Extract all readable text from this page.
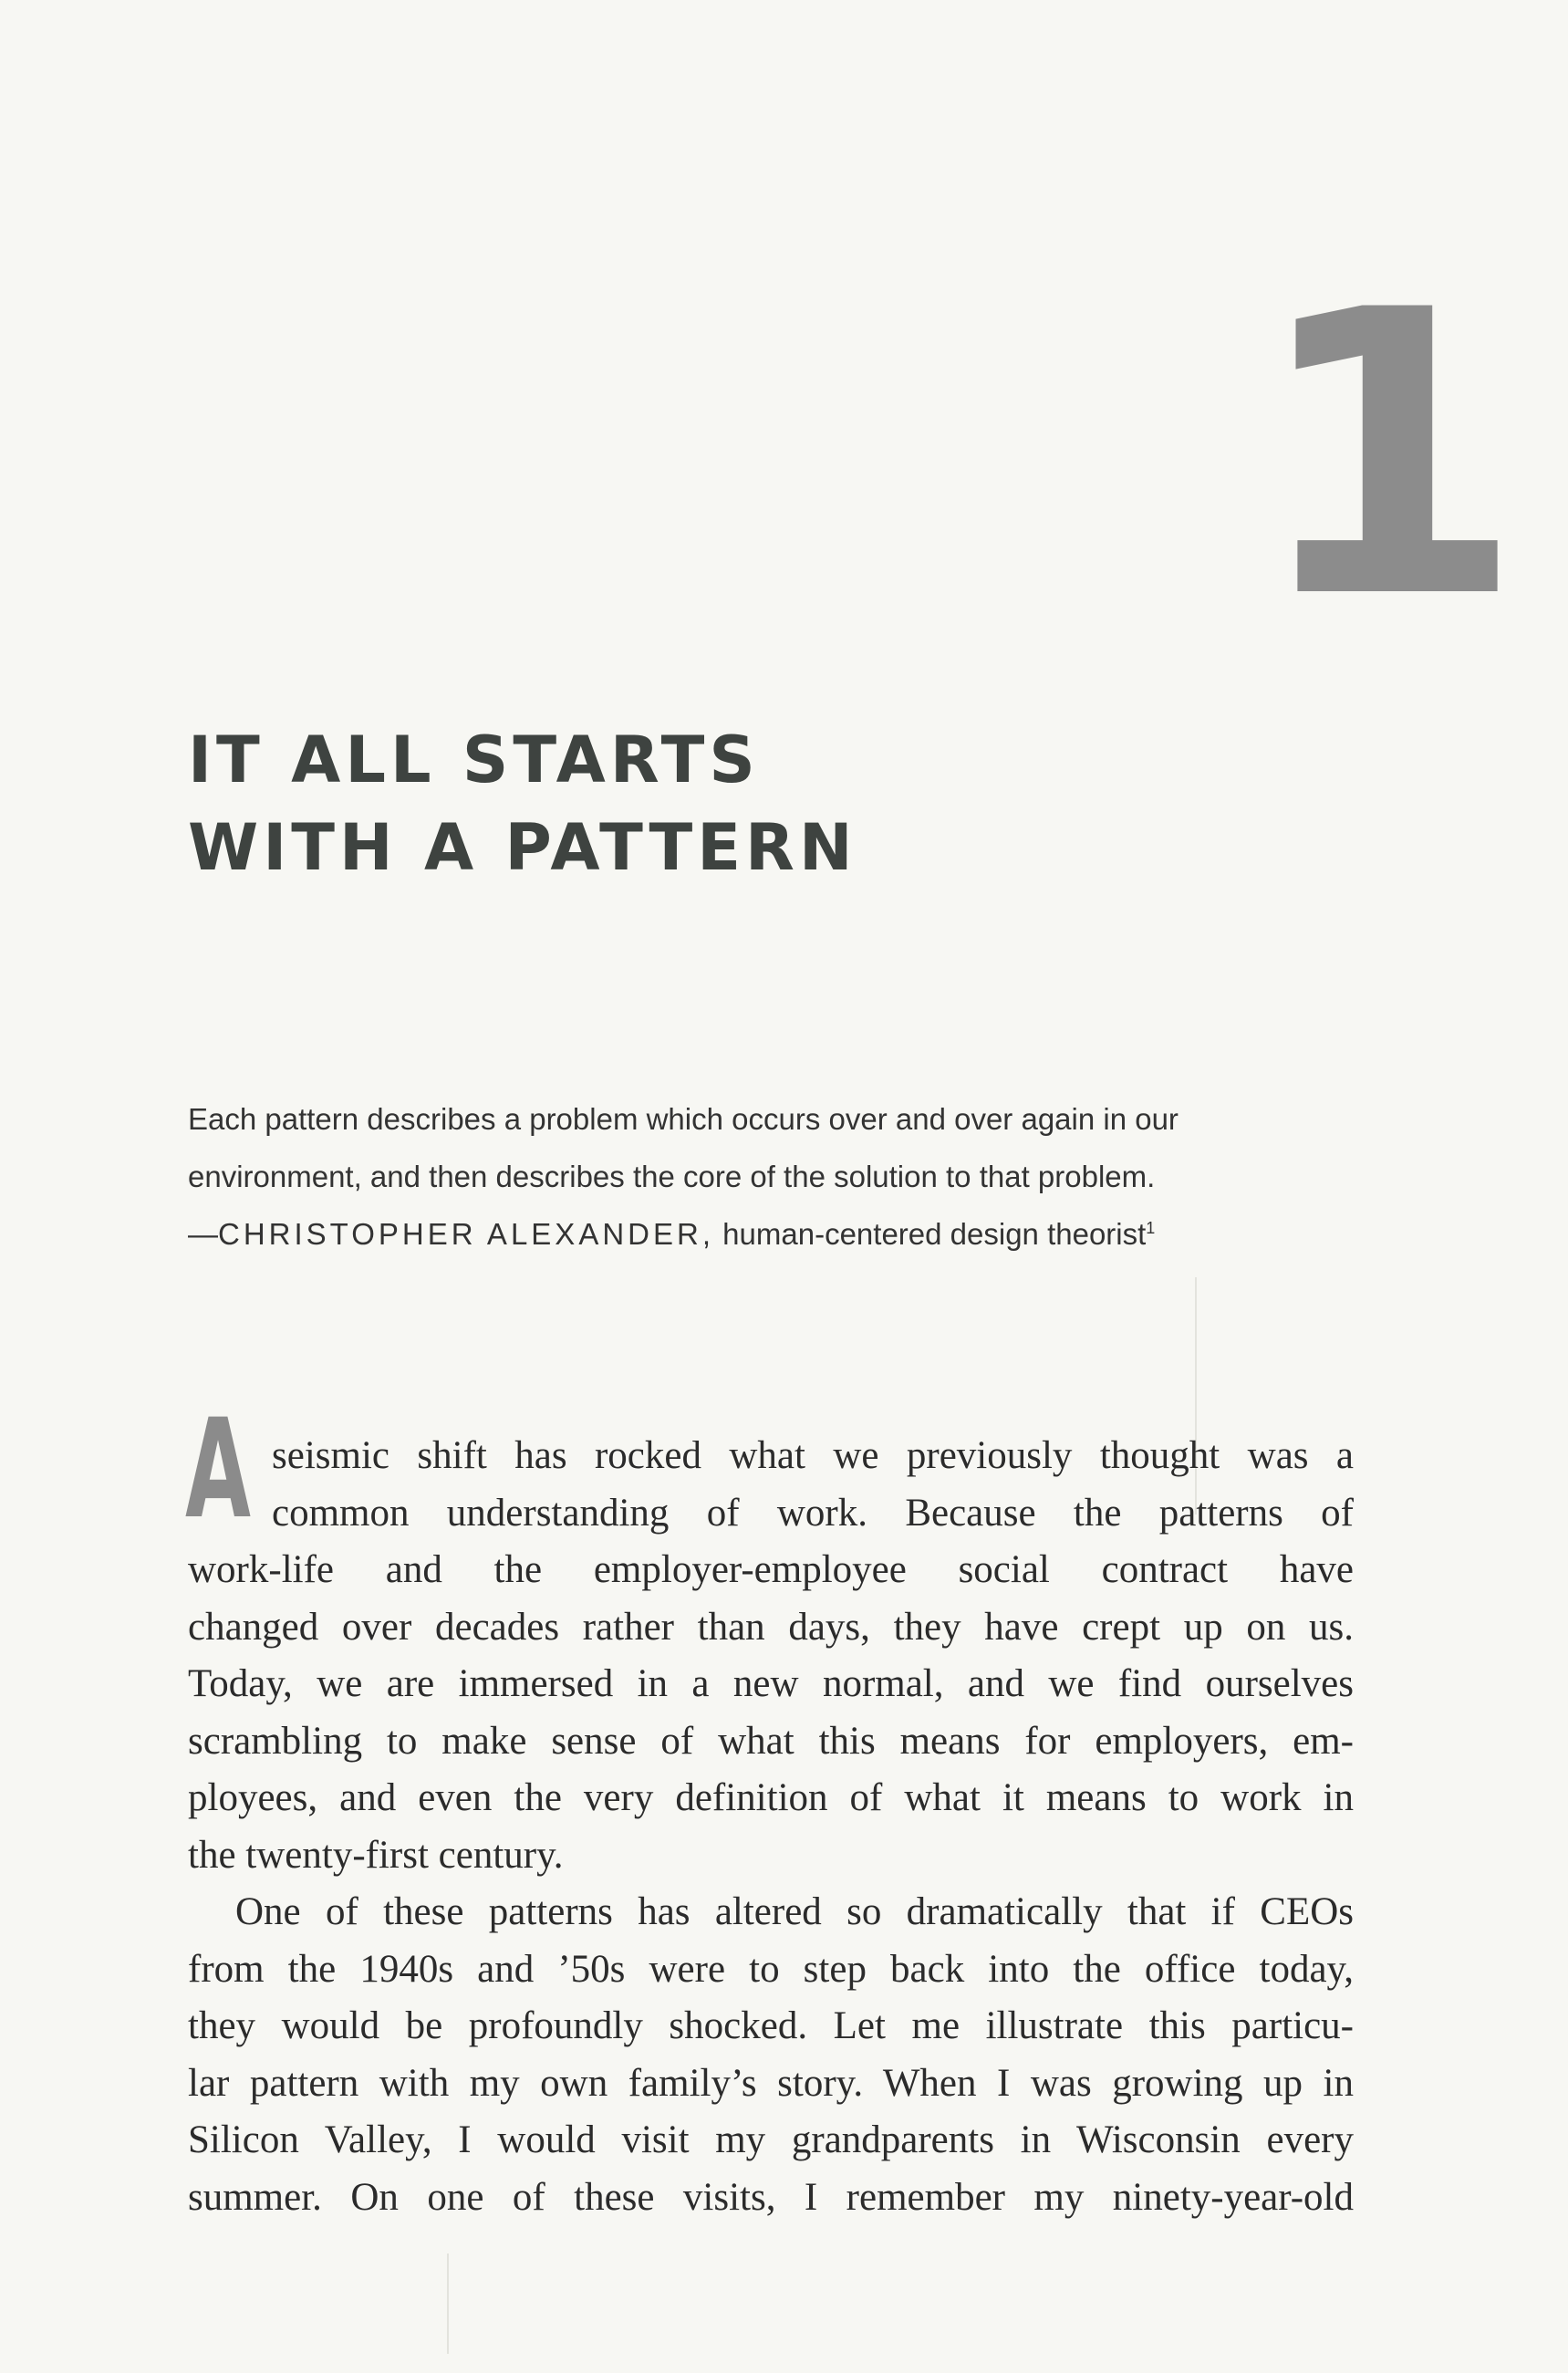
1
IT ALL STARTS
WITH A PATTERN
Each pattern describes a problem which occurs over and over again in our
environment, and then describes the core of the solution to that problem.
—CHRISTOPHER ALEXANDER, human-centered design theorist$^1$
A seismic shift has rocked what we previously thought was a
common understanding of work. Because the patterns of
work-life and the employer-employee social contract have
changed over decades rather than days, they have crept up on us.
Today, we are immersed in a new normal, and we find ourselves
scrambling to make sense of what this means for employers, em-
ployees, and even the very definition of what it means to work in
the twenty-first century.
One of these patterns has altered so dramatically that if CEOs
from the 1940s and ’50s were to step back into the office today,
they would be profoundly shocked. Let me illustrate this particu-
lar pattern with my own family’s story. When I was growing up in
Silicon Valley, I would visit my grandparents in Wisconsin every
summer. On one of these visits, I remember my ninety-year-old
